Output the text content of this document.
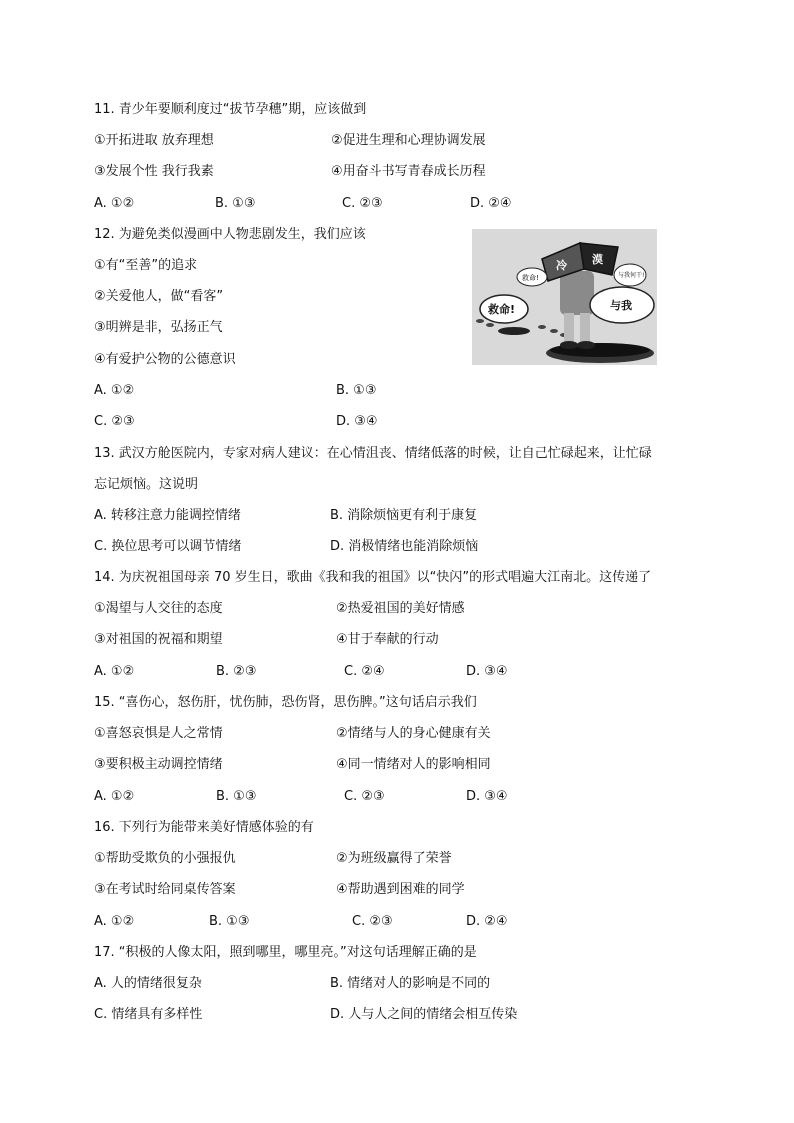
11. 青少年要顺利度过“拔节孕穗”期，应该做到
①开拓进取 放弃理想	②促进生理和心理协调发展
③发展个性 我行我素	④用奋斗书写青春成长历程
A. ①②	B. ①③	C. ②③	D. ②④
12. 为避免类似漫画中人物悲剧发生，我们应该
①有“至善”的追求
②关爱他人，做“看客”
③明辨是非，弘扬正气
④有爱护公物的公德意识
A. ①②	B. ①③
C. ②③	D. ③④
冷 漠
救命!
救命!	与我何干!
与我
13. 武汉方舱医院内，专家对病人建议：在心情沮丧、情绪低落的时候，让自己忙碌起来，让忙碌
忘记烦恼。这说明
A. 转移注意力能调控情绪	B. 消除烦恼更有利于康复
C. 换位思考可以调节情绪	D. 消极情绪也能消除烦恼
14. 为庆祝祖国母亲 70 岁生日，歌曲《我和我的祖国》以“快闪”的形式唱遍大江南北。这传递了
①渴望与人交往的态度	②热爱祖国的美好情感
③对祖国的祝福和期望	④甘于奉献的行动
A. ①②	B. ②③	C. ②④	D. ③④
15. “喜伤心，怒伤肝，忧伤肺，恐伤肾，思伤脾。”这句话启示我们
①喜怒哀惧是人之常情	②情绪与人的身心健康有关
③要积极主动调控情绪	④同一情绪对人的影响相同
A. ①②	B. ①③	C. ②③	D. ③④
16. 下列行为能带来美好情感体验的有
①帮助受欺负的小强报仇	②为班级赢得了荣誉
③在考试时给同桌传答案	④帮助遇到困难的同学
A. ①②	B. ①③	C. ②③	D. ②④
17. “积极的人像太阳，照到哪里，哪里亮。”对这句话理解正确的是
A. 人的情绪很复杂	B. 情绪对人的影响是不同的
C. 情绪具有多样性	D. 人与人之间的情绪会相互传染
